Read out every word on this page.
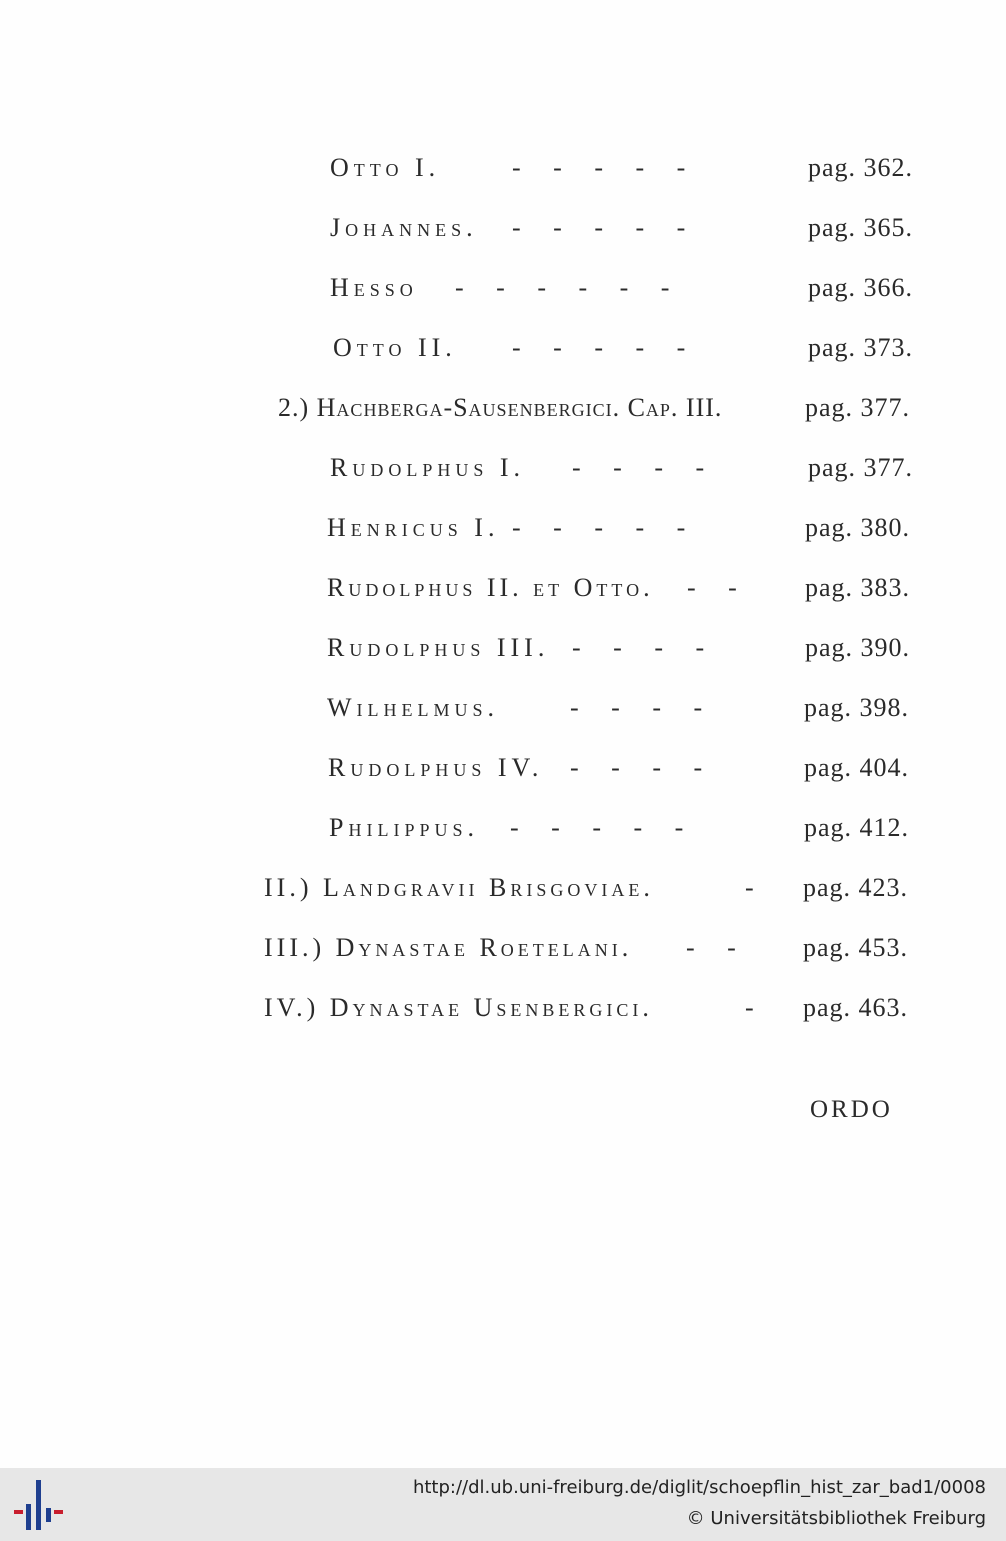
Otto I.	-     -     -     -     -	pag. 362.
Johannes. -     -     -     -     -	pag. 365.
Hesso -     -     -     -     -     -	pag. 366.
Otto II. -     -     -     -     -	pag. 373.
2.) Hachberga-Sausenbergici. Cap. III.	pag. 377.
Rudolphus I. -     -     -     -	pag. 377.
Henricus I. -     -     -     -     -	pag. 380.
Rudolphus II. et Otto. -     -	pag. 383.
Rudolphus III. -     -     -     -	pag. 390.
Wilhelmus.	-     -     -     -	pag. 398.
Rudolphus IV. -     -     -     -	pag. 404.
Philippus. -     -     -     -     -	pag. 412.
II.) Landgravii Brisgoviae.	- pag. 423.
III.) Dynastae Roetelani. -     -	pag. 453.
IV.) Dynastae Usenbergici.	- pag. 463.
ORDO
http://dl.ub.uni-freiburg.de/diglit/schoepflin_hist_zar_bad1/0008
© Universitätsbibliothek Freiburg
